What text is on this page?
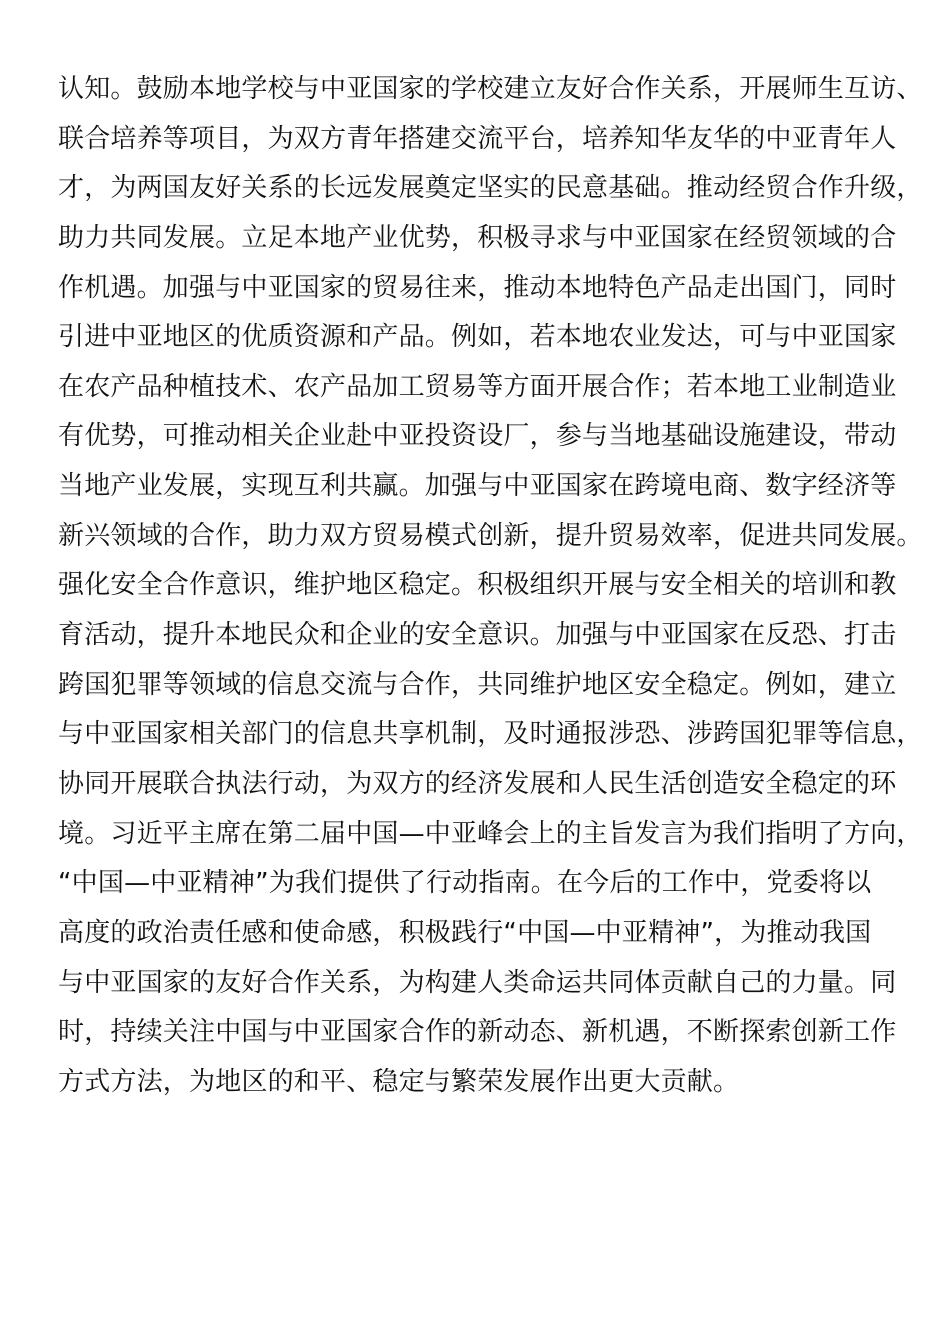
认知。鼓励本地学校与中亚国家的学校建立友好合作关系，开展师生互访、
联合培养等项目，为双方青年搭建交流平台，培养知华友华的中亚青年人
才，为两国友好关系的长远发展奠定坚实的民意基础。推动经贸合作升级，
助力共同发展。立足本地产业优势，积极寻求与中亚国家在经贸领域的合
作机遇。加强与中亚国家的贸易往来，推动本地特色产品走出国门，同时
引进中亚地区的优质资源和产品。例如，若本地农业发达，可与中亚国家
在农产品种植技术、农产品加工贸易等方面开展合作；若本地工业制造业
有优势，可推动相关企业赴中亚投资设厂，参与当地基础设施建设，带动
当地产业发展，实现互利共赢。加强与中亚国家在跨境电商、数字经济等
新兴领域的合作，助力双方贸易模式创新，提升贸易效率，促进共同发展。
强化安全合作意识，维护地区稳定。积极组织开展与安全相关的培训和教
育活动，提升本地民众和企业的安全意识。加强与中亚国家在反恐、打击
跨国犯罪等领域的信息交流与合作，共同维护地区安全稳定。例如，建立
与中亚国家相关部门的信息共享机制，及时通报涉恐、涉跨国犯罪等信息，
协同开展联合执法行动，为双方的经济发展和人民生活创造安全稳定的环
境。习近平主席在第二届中国—中亚峰会上的主旨发言为我们指明了方向，
“中国—中亚精神”为我们提供了行动指南。在今后的工作中，党委将以
高度的政治责任感和使命感，积极践行“中国—中亚精神”，为推动我国
与中亚国家的友好合作关系，为构建人类命运共同体贡献自己的力量。同
时，持续关注中国与中亚国家合作的新动态、新机遇，不断探索创新工作
方式方法，为地区的和平、稳定与繁荣发展作出更大贡献。
